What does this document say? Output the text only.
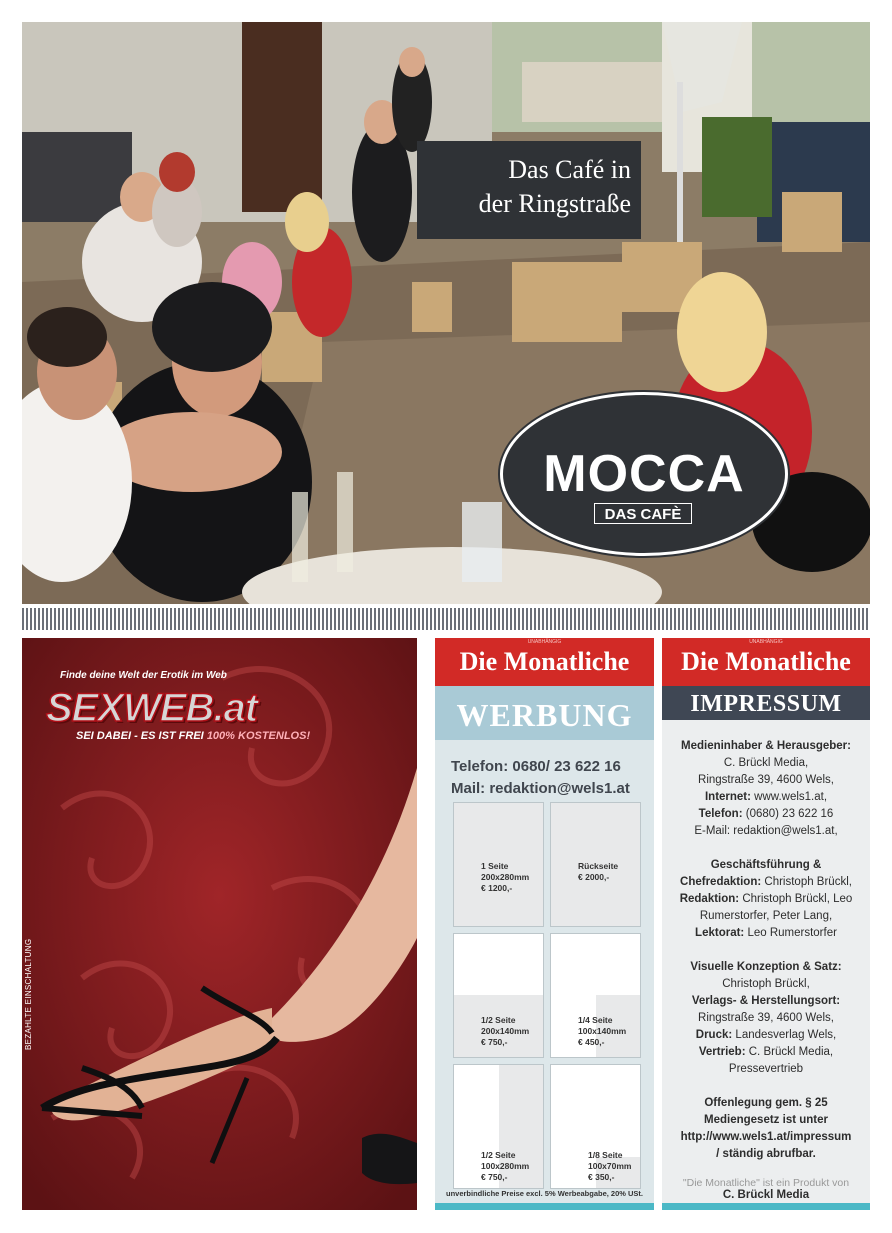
Das Café in
der Ringstraße
MOCCA
DAS CAFÈ
Finde deine Welt der Erotik im Web
SEXWEB.at
SEI DABEI - ES IST FREI 100% KOSTENLOS!
BEZAHLTE EINSCHALTUNG
UNABHÄNGIG
Die Monatliche
WERBUNG
Telefon: 0680/ 23 622 16
Mail: redaktion@wels1.at
1 Seite
200x280mm
€ 1200,-
Rückseite
€ 2000,-
1/2 Seite
200x140mm
€ 750,-
1/4 Seite
100x140mm
€ 450,-
1/2 Seite
100x280mm
€ 750,-
1/8 Seite
100x70mm
€ 350,-
unverbindliche Preise excl. 5% Werbeabgabe, 20% USt.
UNABHÄNGIG
Die Monatliche
IMPRESSUM
Medieninhaber & Herausgeber:
C. Brückl Media,
Ringstraße 39, 4600 Wels,
Internet: www.wels1.at,
Telefon: (0680) 23 622 16
E-Mail: redaktion@wels1.at,
Geschäftsführung &
Chefredaktion: Christoph Brückl,
Redaktion: Christoph Brückl, Leo
Rumerstorfer, Peter Lang,
Lektorat: Leo Rumerstorfer
Visuelle Konzeption & Satz:
Christoph Brückl,
Verlags- & Herstellungsort:
Ringstraße 39, 4600 Wels,
Druck: Landesverlag Wels,
Vertrieb: C. Brückl Media,
Pressevertrieb
Offenlegung gem. § 25
Mediengesetz ist unter
http://www.wels1.at/impressum
/ ständig abrufbar.
"Die Monatliche" ist ein Produkt von
C. Brückl Media
